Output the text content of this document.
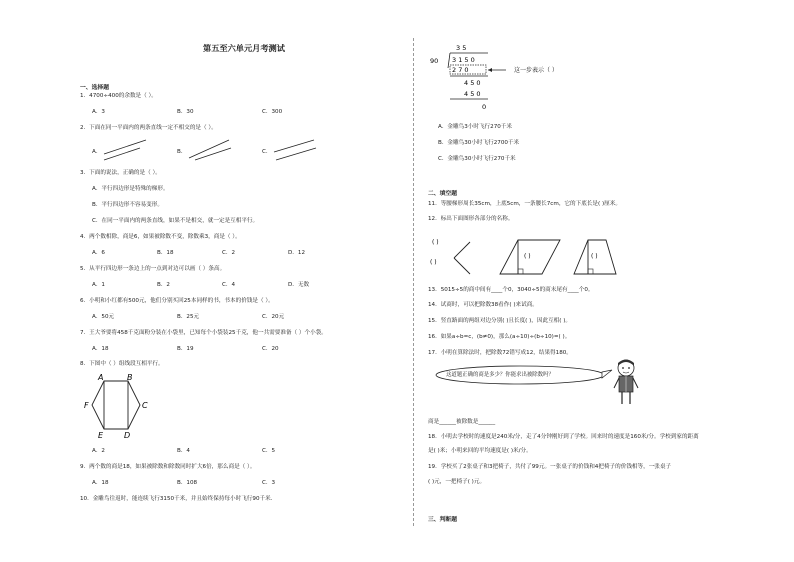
第五至六单元月考测试
一、选择题
1．4700÷400的余数是（ ）。
A．3	B．30	C．300
2．下面在同一平面内的两条直线一定不相交的是（ ）。
A．	B．	C．
3．下面的说法，正确的是（ ）。
A．平行四边形是特殊的梯形。
B．平行四边形不容易变形。
C．在同一平面内的两条直线，如果不是相交，就一定是互相平行。
4．两个数相除，商是6，如果被除数不变，除数乘3，商是（ ）。
A．6	B．18	C．2	D．12
5．从平行四边形一条边上的一点到对边可以画（ ）条高。
A．1	B．2	C．4	D．无数
6．小明和小红都有500元，他们分别买回25本同样的书，书本的价钱是（ ）。
A．50元	B．25元	C．20元
7．王大爷要将458千克面粉分装在小袋里，已知每个小袋装25千克，他一共需要准备（ ）个小袋。
A．18	B．19	C．20
8．下图中（ ）组线段互相平行。
A	B
C
D
E
F
A．2	B．4	C．5
9．两个数的商是18，如果被除数和除数同时扩大6倍，那么商是（ ）。
A．18	B．108	C．3
10．金雕鸟往返时，能连续飞行3150千米，并且始终保持每小时飞行90千米．
3 5
90 3 1 5 0
2 7 0	这一步表示（ ）
4 5 0
4 5 0
0
A．金雕鸟3小时飞行270千米
B．金雕鸟30小时飞行2700千米
C．金雕鸟30小时飞行270千米
二、填空题
11．等腰梯形周长35cm，上底5cm，一条腰长7cm，它的下底长是( )厘米。
12．标出下面图形各部分的名称。
( )
( )
( )	( )
13．5015÷5的商中间有____个0，3040÷5的商末尾有____个0。
14．试商时，可以把除数38看作( )来试商。
15．竖直路面的两组对边分别( )且长度( )，因此互相( )。
16．如果a÷b=c，(b≠0)，那么(a÷10)÷(b÷10)=( )。
17．小明在算除法时，把除数72错写成12，结果得180。
这道题正确的商是多少？你能求出被除数吗？
商是______被除数是______
18．小明去学校时的速度是240米/分，走了4分钟刚好到了学校。回来时的速度是160米/分。学校到家的距离
是( )米；小明来回的平均速度是( )米/分。
19．学校买了2张桌子和3把椅子，共付了99元。一张桌子的价钱和4把椅子的价钱相等，一张桌子
( )元，一把椅子( )元。
三、判断题
